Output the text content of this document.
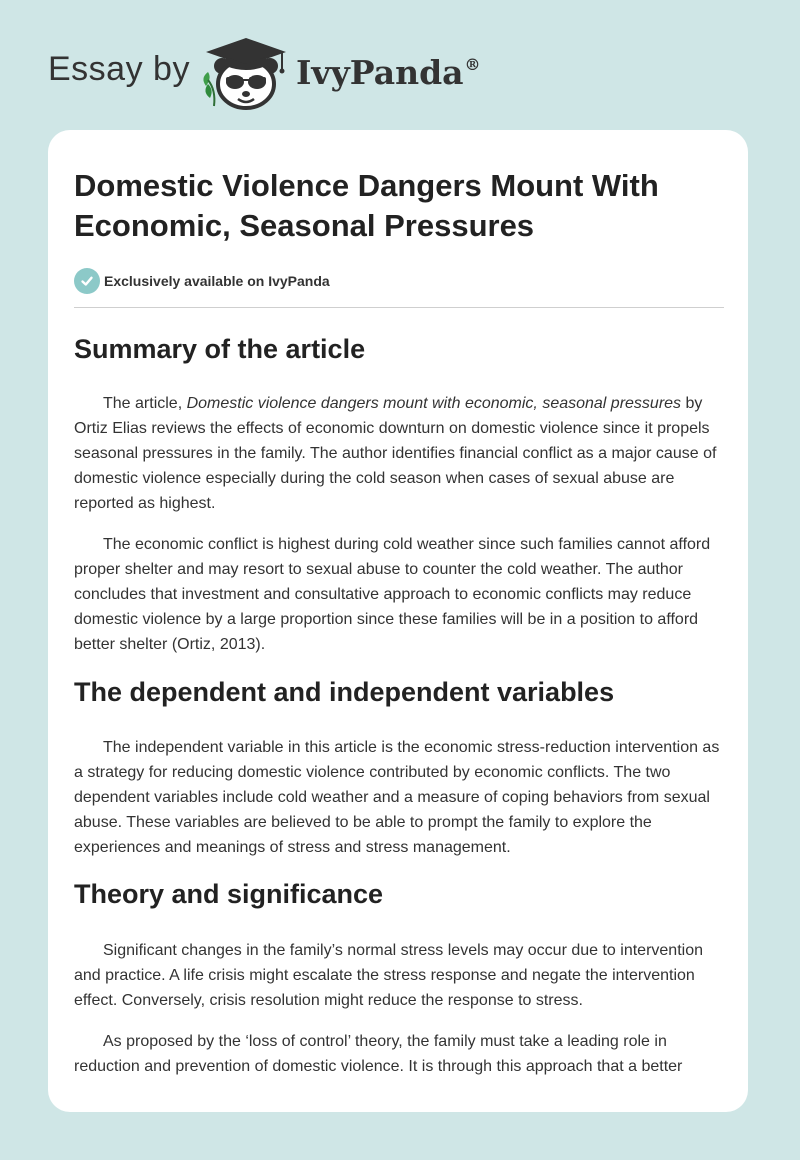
Essay by	IvyPanda®
Domestic Violence Dangers Mount With Economic, Seasonal Pressures
Exclusively available on IvyPanda
Summary of the article

The article, Domestic violence dangers mount with economic, seasonal pressures by Ortiz Elias reviews the effects of economic downturn on domestic violence since it propels seasonal pressures in the family. The author identifies financial conflict as a major cause of domestic violence especially during the cold season when cases of sexual abuse are reported as highest.

The economic conflict is highest during cold weather since such families cannot afford proper shelter and may resort to sexual abuse to counter the cold weather. The author concludes that investment and consultative approach to economic conflicts may reduce domestic violence by a large proportion since these families will be in a position to afford better shelter (Ortiz, 2013).

The dependent and independent variables

The independent variable in this article is the economic stress-reduction intervention as a strategy for reducing domestic violence contributed by economic conflicts. The two dependent variables include cold weather and a measure of coping behaviors from sexual abuse. These variables are believed to be able to prompt the family to explore the experiences and meanings of stress and stress management.

Theory and significance

Significant changes in the family’s normal stress levels may occur due to intervention and practice. A life crisis might escalate the stress response and negate the intervention effect. Conversely, crisis resolution might reduce the response to stress.

As proposed by the ‘loss of control’ theory, the family must take a leading role in reduction and prevention of domestic violence. It is through this approach that a better
